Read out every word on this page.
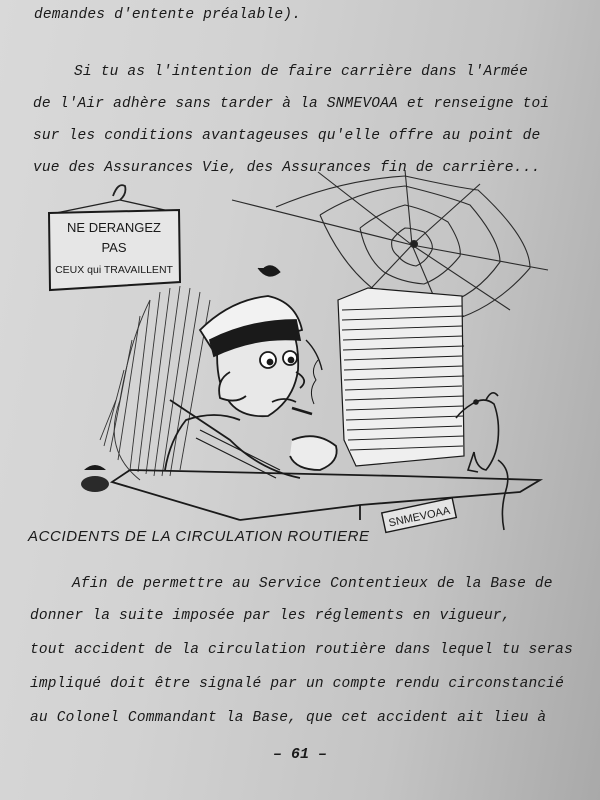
demandes d'entente préalable).
Si tu as l'intention de faire carrière dans l'Armée
de l'Air adhère sans tarder à la SNMEVOAA et renseigne toi
sur les conditions avantageuses qu'elle offre au point de
vue des Assurances Vie, des Assurances fin de carrière...
NE DERANGEZ
PAS
CEUX qui TRAVAILLENT
SNMEVOAA
ACCIDENTS DE LA CIRCULATION ROUTIERE
Afin de permettre au Service Contentieux de la Base de
donner la suite imposée par les réglements en vigueur,
tout accident de la circulation routière dans lequel tu seras
impliqué doit être signalé par un compte rendu circonstancié
au Colonel Commandant la Base, que cet accident ait lieu à
– 61 –
